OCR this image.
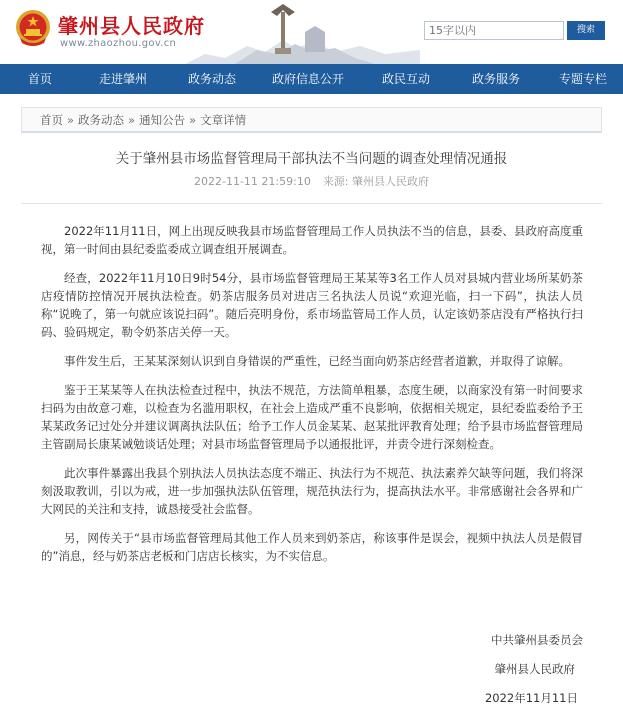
肇州县人民政府
www.zhaozhou.gov.cn
15字以内
搜索
首页	走进肇州	政务动态	政府信息公开	政民互动	政务服务	专题专栏
首页 » 政务动态 » 通知公告 » 文章详情
关于肇州县市场监督管理局干部执法不当问题的调查处理情况通报
2022-11-11 21:59:10 来源: 肇州县人民政府

2022年11月11日，网上出现反映我县市场监督管理局工作人员执法不当的信息，县委、县政府高度重视，第一时间由县纪委监委成立调查组开展调查。

经查，2022年11月10日9时54分，县市场监督管理局王某某等3名工作人员对县城内营业场所某奶茶店疫情防控情况开展执法检查。奶茶店服务员对进店三名执法人员说“欢迎光临，扫一下码”，执法人员称“说晚了，第一句就应该说扫码”。随后亮明身份，系市场监管局工作人员，认定该奶茶店没有严格执行扫码、验码规定，勒令奶茶店关停一天。

事件发生后，王某某深刻认识到自身错误的严重性，已经当面向奶茶店经营者道歉，并取得了谅解。

鉴于王某某等人在执法检查过程中，执法不规范，方法简单粗暴，态度生硬，以商家没有第一时间要求扫码为由故意刁难，以检查为名滥用职权，在社会上造成严重不良影响，依据相关规定，县纪委监委给予王某某政务记过处分并建议调离执法队伍；给予工作人员金某某、赵某批评教育处理；给予县市场监督管理局主管副局长康某诫勉谈话处理；对县市场监督管理局予以通报批评，并责令进行深刻检查。

此次事件暴露出我县个别执法人员执法态度不端正、执法行为不规范、执法素养欠缺等问题，我们将深刻汲取教训，引以为戒，进一步加强执法队伍管理，规范执法行为，提高执法水平。非常感谢社会各界和广大网民的关注和支持，诚恳接受社会监督。

另，网传关于“县市场监督管理局其他工作人员来到奶茶店，称该事件是误会，视频中执法人员是假冒的”消息，经与奶茶店老板和门店店长核实，为不实信息。

中共肇州县委员会
肇州县人民政府
2022年11月11日
